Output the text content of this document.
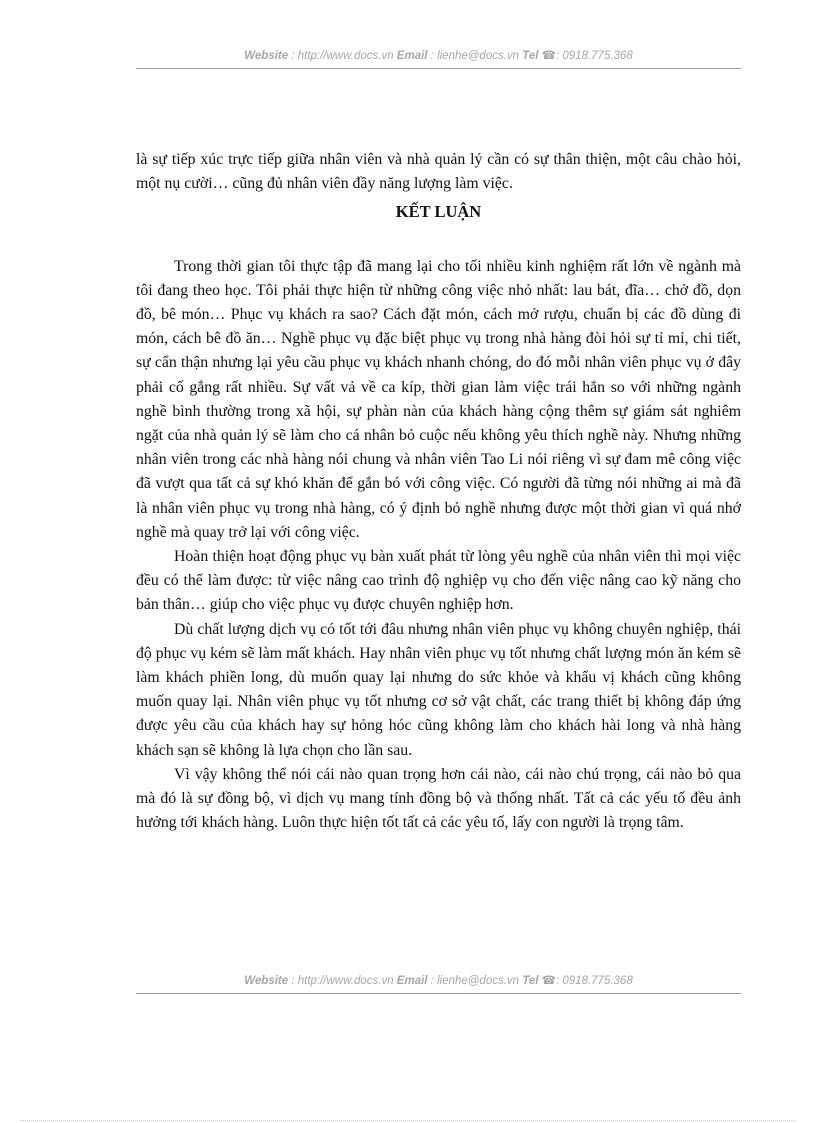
Website : http://www.docs.vn Email : lienhe@docs.vn Tel ☎: 0918.775.368

là sự tiếp xúc trực tiếp giữa nhân viên và nhà quản lý cần có sự thân thiện, một câu chào hỏi, một nụ cười… cũng đủ nhân viên đầy năng lượng làm việc.

KẾT LUẬN

Trong thời gian tôi thực tập đã mang lại cho tối nhiều kinh nghiệm rất lớn về ngành mà tôi đang theo học. Tôi phải thực hiện từ những công việc nhỏ nhất: lau bát, đĩa… chở đồ, dọn đồ, bê món… Phục vụ khách ra sao? Cách đặt món, cách mở rượu, chuẩn bị các đồ dùng đi món, cách bê đồ ăn… Nghề phục vụ đặc biệt phục vụ trong nhà hàng đòi hỏi sự tỉ mỉ, chi tiết, sự cẩn thận nhưng lại yêu cầu phục vụ khách nhanh chóng, do đó mỗi nhân viên phục vụ ở đây phải cố gắng rất nhiều. Sự vất vả về ca kíp, thời gian làm việc trái hẳn so với những ngành nghề bình thường trong xã hội, sự phàn nàn của khách hàng cộng thêm sự giám sát nghiêm ngặt của nhà quản lý sẽ làm cho cá nhân bỏ cuộc nếu không yêu thích nghề này. Nhưng những nhân viên trong các nhà hàng nói chung và nhân viên Tao Li nói riêng vì sự đam mê công việc đã vượt qua tất cả sự khó khăn để gắn bó với công việc. Có người đã từng nói những ai mà đã là nhân viên phục vụ trong nhà hàng, có ý định bỏ nghề nhưng được một thời gian vì quá nhớ nghề mà quay trở lại với công việc.

Hoàn thiện hoạt động phục vụ bàn xuất phát từ lòng yêu nghề của nhân viên thì mọi việc đều có thể làm được: từ việc nâng cao trình độ nghiệp vụ cho đến việc nâng cao kỹ năng cho bản thân… giúp cho việc phục vụ được chuyên nghiệp hơn.

Dù chất lượng dịch vụ có tốt tới đâu nhưng nhân viên phục vụ không chuyên nghiệp, thái độ phục vụ kém sẽ làm mất khách. Hay nhân viên phục vụ tốt nhưng chất lượng món ăn kém sẽ làm khách phiền long, dù muốn quay lại nhưng do sức khỏe và khẩu vị khách cũng không muốn quay lại. Nhân viên phục vụ tốt nhưng cơ sở vật chất, các trang thiết bị không đáp ứng được yêu cầu của khách hay sự hỏng hóc cũng không làm cho khách hài long và nhà hàng khách sạn sẽ không là lựa chọn cho lần sau.

Vì vậy không thể nói cái nào quan trọng hơn cái nào, cái nào chú trọng, cái nào bỏ qua mà đó là sự đồng bộ, vì dịch vụ mang tính đồng bộ và thống nhất. Tất cả các yếu tố đều ảnh hưởng tới khách hàng. Luôn thực hiện tốt tất cả các yêu tố, lấy con người là trọng tâm.

Website : http://www.docs.vn Email : lienhe@docs.vn Tel ☎: 0918.775.368
